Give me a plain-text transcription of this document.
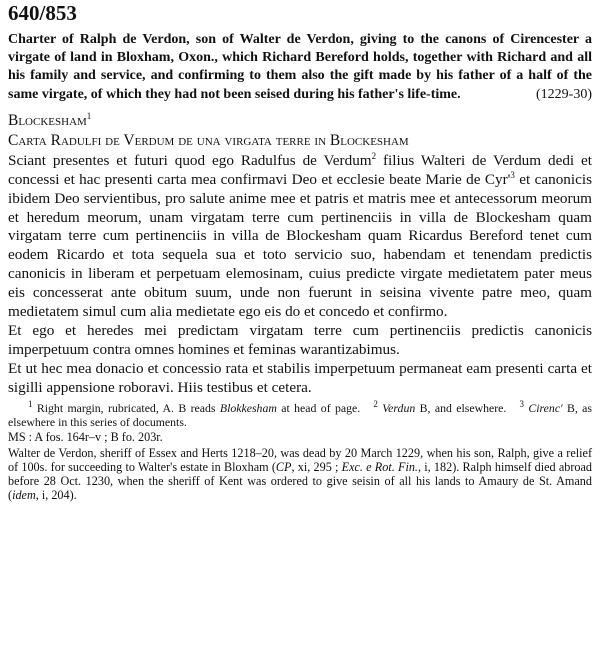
640/853
Charter of Ralph de Verdon, son of Walter de Verdon, giving to the canons of Cirencester a virgate of land in Bloxham, Oxon., which Richard Bereford holds, together with Richard and all his family and service, and confirming to them also the gift made by his father of a half of the same virgate, of which they had not been seised during his father's life-time.	(1229-30)

Blockesham$^1$

Carta Radulfi de Verdum de una virgata terre in Blockesham

Sciant presentes et futuri quod ego Radulfus de Verdum$^2$ filius Walteri de Verdum dedi et concessi et hac presenti carta mea confirmavi Deo et ecclesie beate Marie de $Cyr'^3$ et canonicis ibidem Deo servientibus, pro salute anime mee et patris et matris mee et antecessorum meorum et heredum meorum, unam virgatam terre cum pertinenciis in villa de Blockesham quam virgatam terre cum pertinenciis in villa de Blockesham quam Ricardus Bereford tenet cum eodem Ricardo et tota sequela sua et toto servicio suo, habendam et tenendam predictis canonicis in liberam et perpetuam elemosinam, cuius predicte virgate medietatem pater meus eis concesserat ante obitum suum, unde non fuerunt in seisina vivente patre meo, quam medietatem simul cum alia medietate ego eis do et concedo et confirmo.

Et ego et heredes mei predictam virgatam terre cum pertinenciis predictis canonicis imperpetuum contra omnes homines et feminas warantizabimus.

Et ut hec mea donacio et concessio rata et stabilis imperpetuum permaneat eam presenti carta et sigilli appensione roboravi. Hiis testibus et cetera.

$^1$ Right margin, rubricated, A. B reads Blokkesham at head of page. $^2$ Verdun B, and elsewhere. $^3$ Cirenc' B, as elsewhere in this series of documents.

MS : A fos. 164r–v ; B fo. 203r.

Walter de Verdon, sheriff of Essex and Herts 1218–20, was dead by 20 March 1229, when his son, Ralph, give a relief of 100s. for succeeding to Walter's estate in Bloxham (CP, xi, 295 ; Exc. e Rot. Fin., i, 182). Ralph himself died abroad before 28 Oct. 1230, when the sheriff of Kent was ordered to give seisin of all his lands to Amaury de St. Amand (idem, i, 204).
